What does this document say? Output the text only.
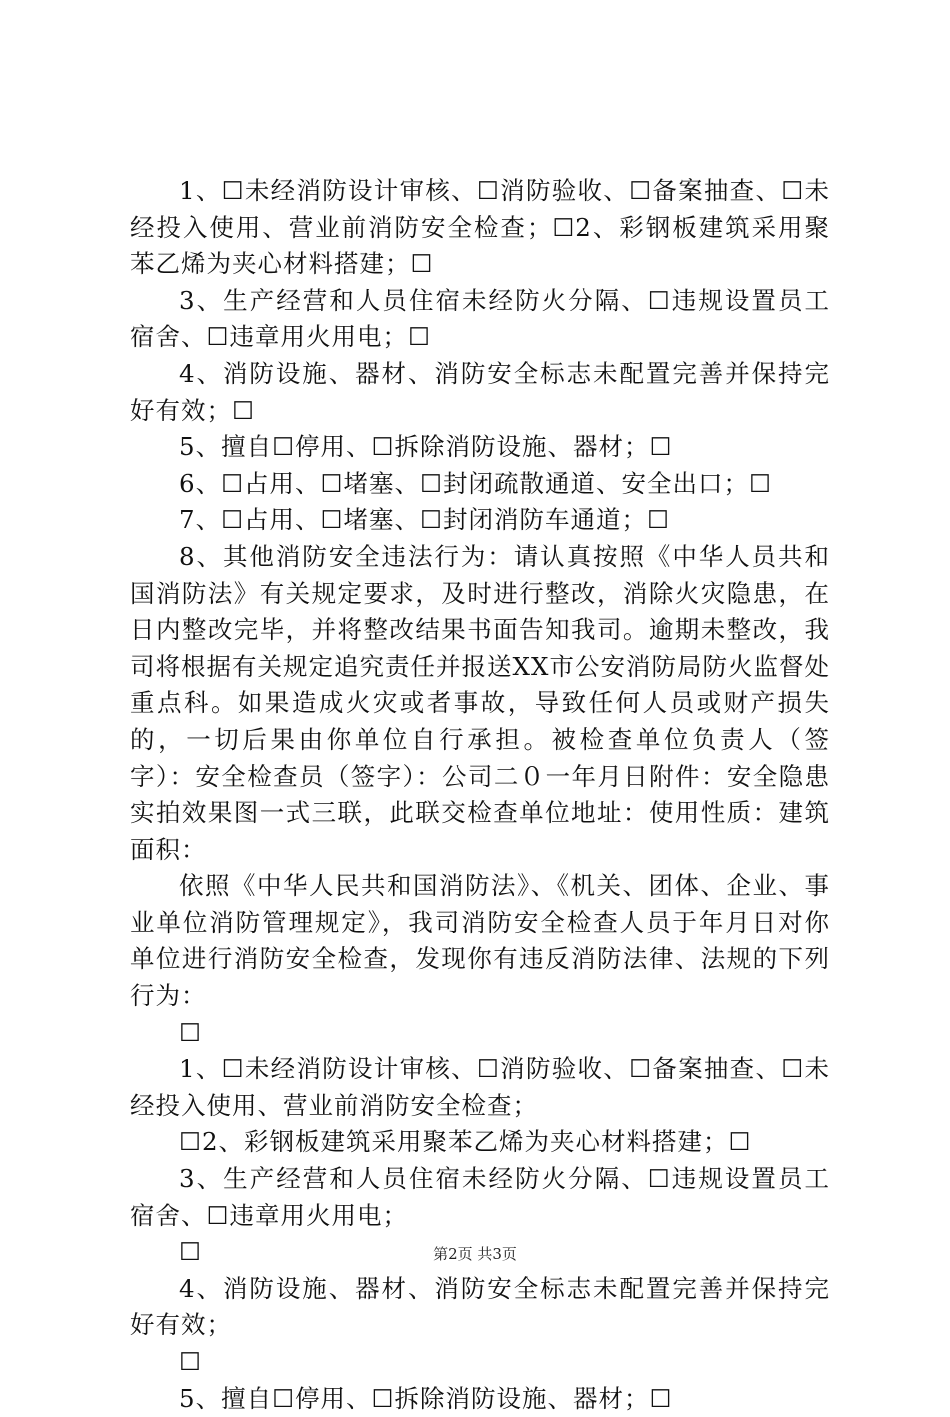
1、☐未经消防设计审核、☐消防验收、☐备案抽查、☐未经投入使用、营业前消防安全检查；☐2、彩钢板建筑采用聚苯乙烯为夹心材料搭建；☐

3、生产经营和人员住宿未经防火分隔、☐违规设置员工宿舍、☐违章用火用电；☐

4、消防设施、器材、消防安全标志未配置完善并保持完好有效；☐

5、擅自☐停用、☐拆除消防设施、器材；☐

6、☐占用、☐堵塞、☐封闭疏散通道、安全出口；☐

7、☐占用、☐堵塞、☐封闭消防车通道；☐

8、其他消防安全违法行为：请认真按照《中华人员共和国消防法》有关规定要求，及时进行整改，消除火灾隐患，在日内整改完毕，并将整改结果书面告知我司。逾期未整改，我司将根据有关规定追究责任并报送XX市公安消防局防火监督处重点科。如果造成火灾或者事故，导致任何人员或财产损失的，一切后果由你单位自行承担。被检查单位负责人（签字）：安全检查员（签字）：公司二０一年月日附件：安全隐患实拍效果图一式三联，此联交检查单位地址：使用性质：建筑面积：

依照《中华人民共和国消防法》、《机关、团体、企业、事业单位消防管理规定》，我司消防安全检查人员于年月日对你单位进行消防安全检查，发现你有违反消防法律、法规的下列行为：

☐

1、☐未经消防设计审核、☐消防验收、☐备案抽查、☐未经投入使用、营业前消防安全检查；

☐2、彩钢板建筑采用聚苯乙烯为夹心材料搭建；☐

3、生产经营和人员住宿未经防火分隔、☐违规设置员工宿舍、☐违章用火用电；

☐

4、消防设施、器材、消防安全标志未配置完善并保持完好有效；

☐

5、擅自☐停用、☐拆除消防设施、器材；☐

第2页 共3页
